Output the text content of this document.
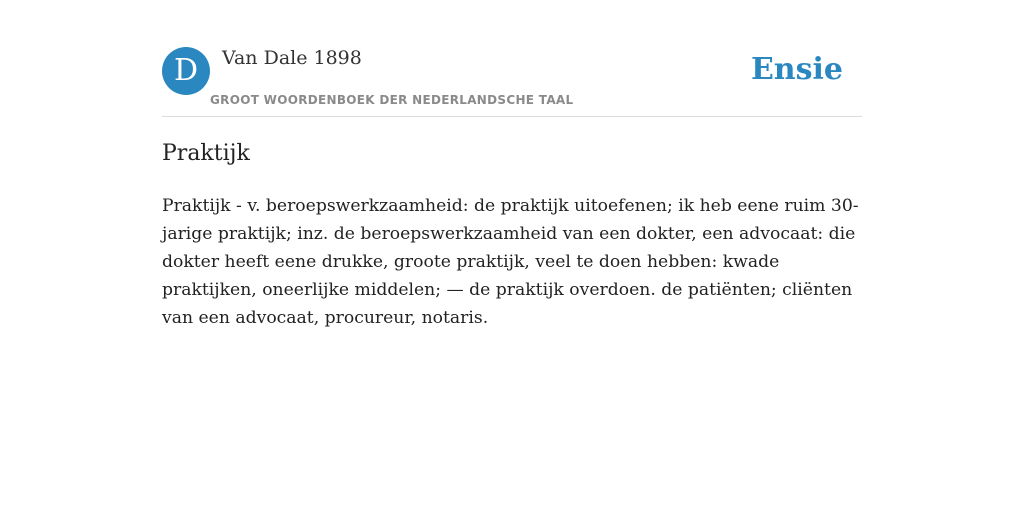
D	Van Dale 1898
GROOT WOORDENBOEK DER NEDERLANDSCHE TAAL
Ensie
Praktijk

Praktijk - v. beroepswerkzaamheid: de praktijk uitoefenen; ik heb eene ruim 30-jarige praktijk; inz. de beroepswerkzaamheid van een dokter, een advocaat: die dokter heeft eene drukke, groote praktijk, veel te doen hebben: kwade praktijken, oneerlijke middelen; — de praktijk overdoen. de patiënten; cliënten van een advocaat, procureur, notaris.
